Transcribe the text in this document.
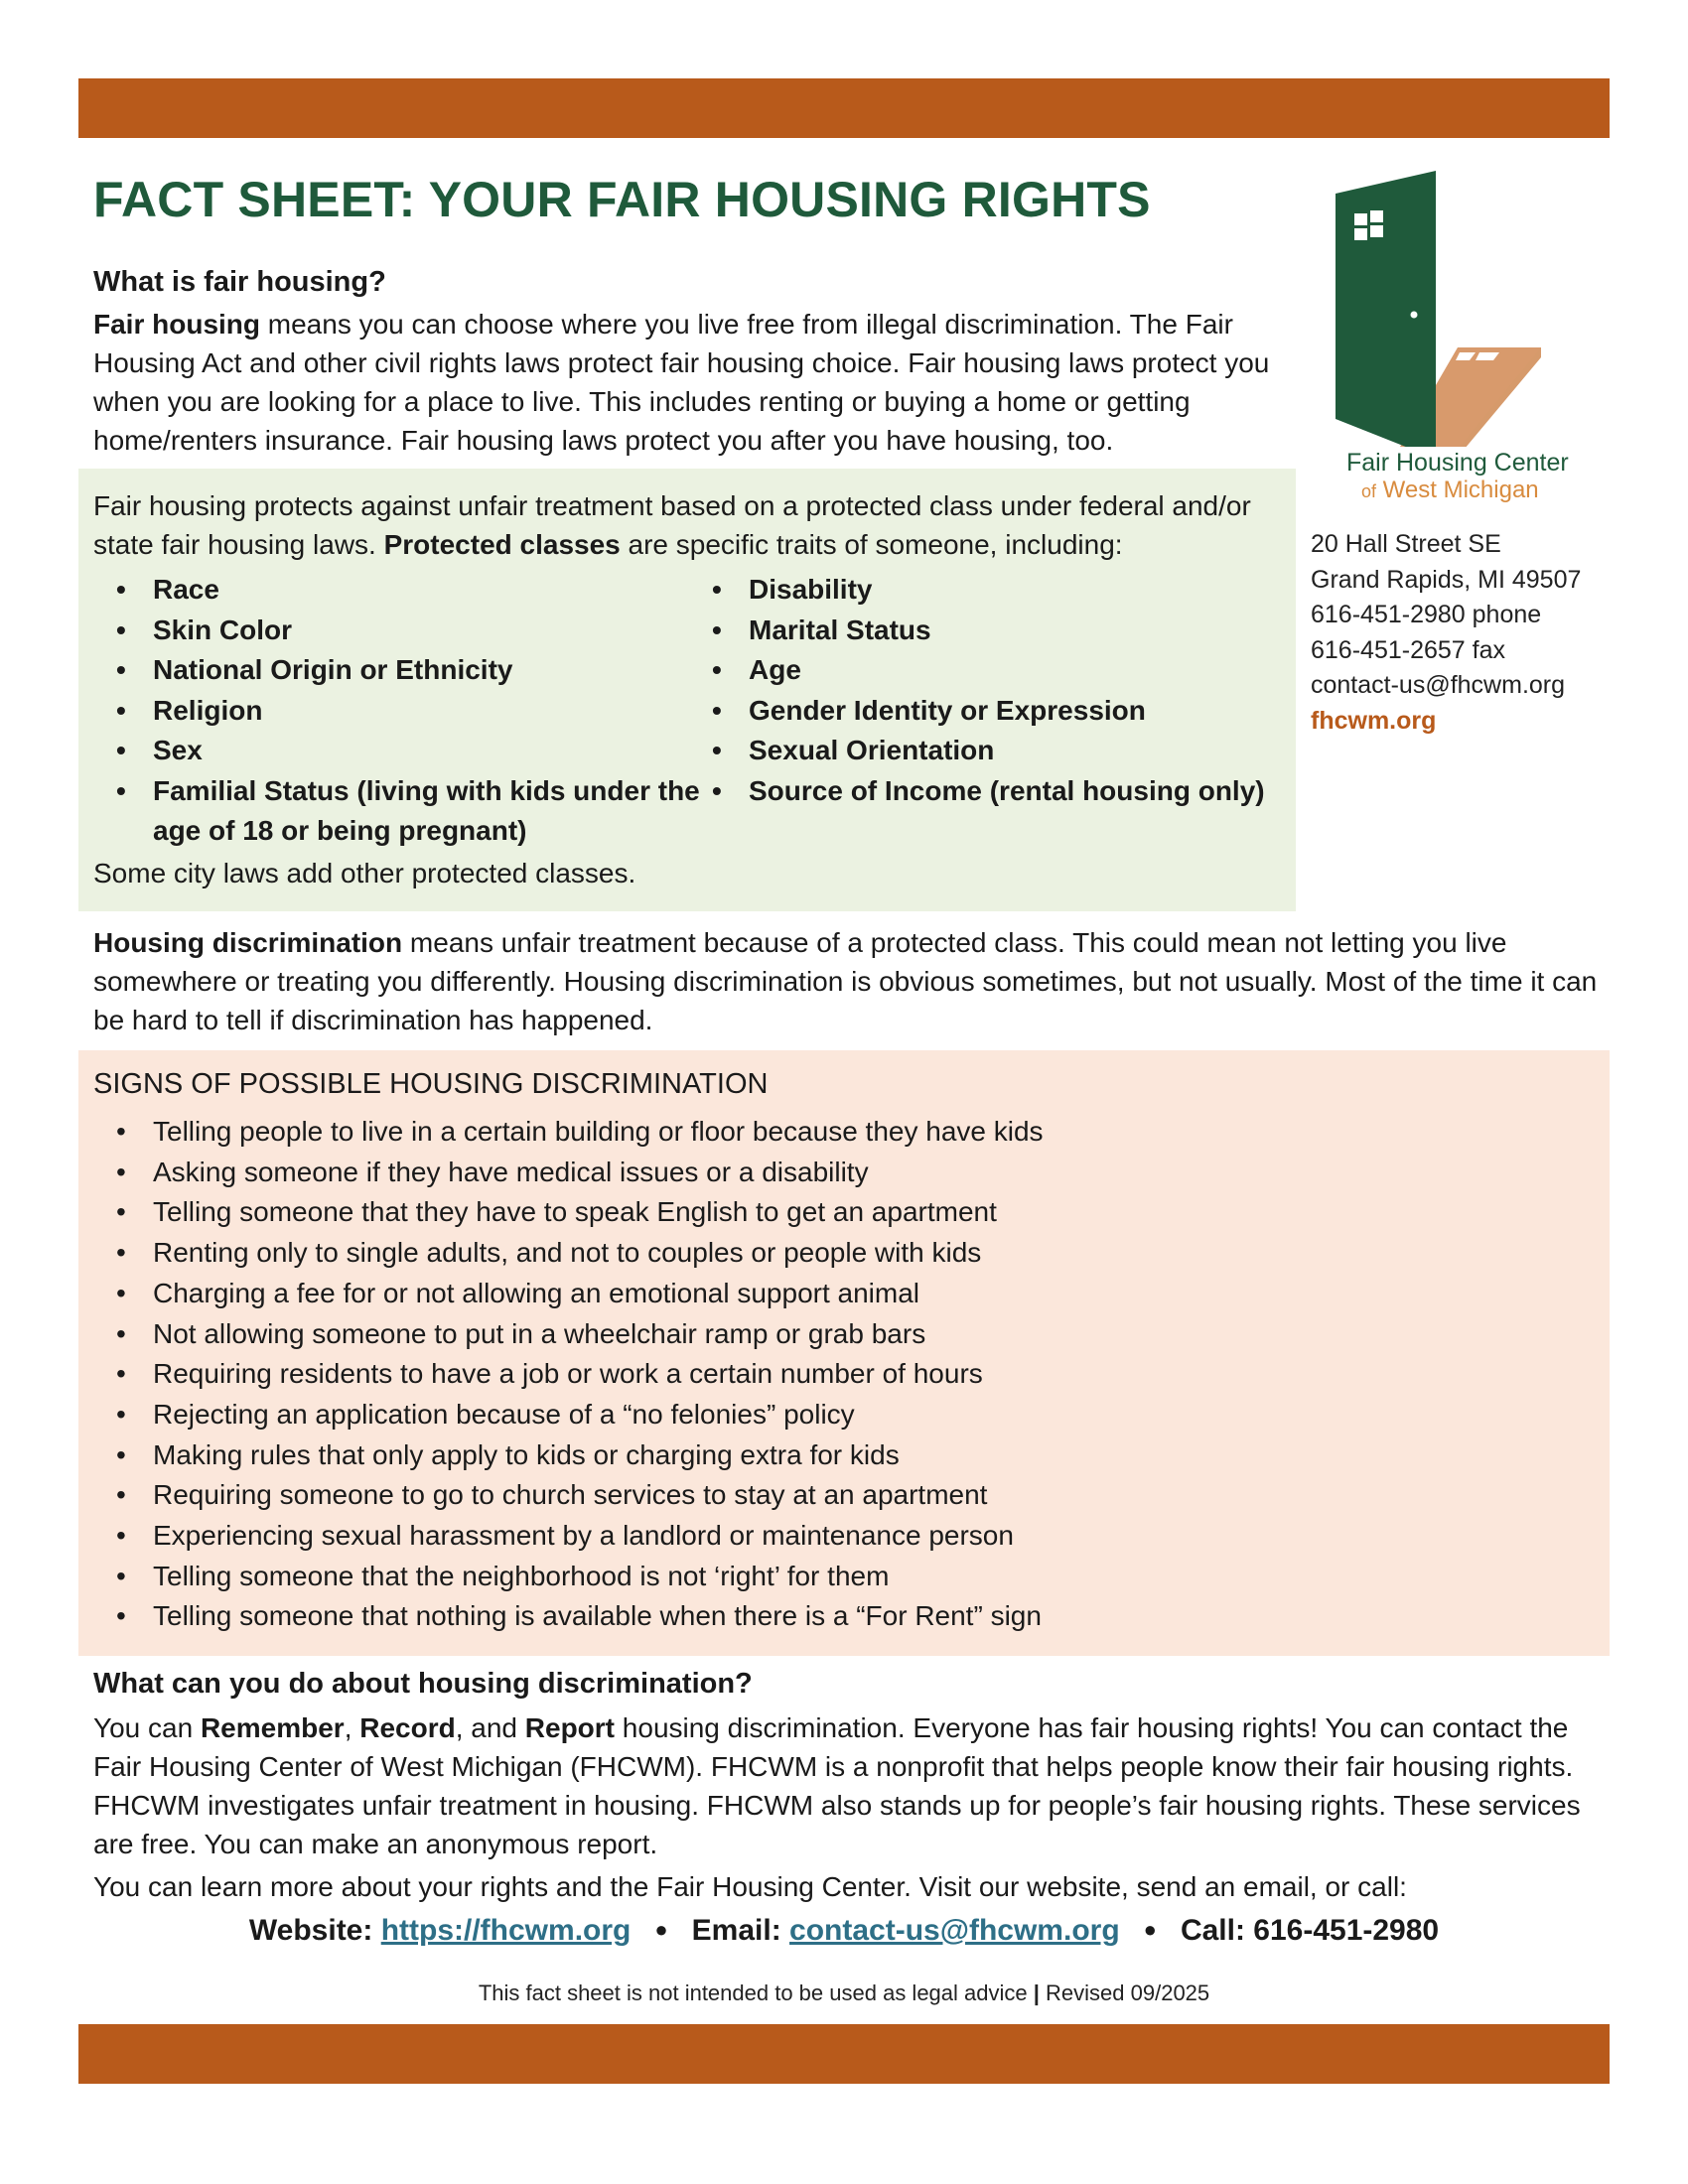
FACT SHEET: YOUR FAIR HOUSING RIGHTS
What is fair housing?

Fair housing means you can choose where you live free from illegal discrimination. The Fair Housing Act and other civil rights laws protect fair housing choice. Fair housing laws protect you when you are looking for a place to live. This includes renting or buying a home or getting home/renters insurance. Fair housing laws protect you after you have housing, too.

Fair housing protects against unfair treatment based on a protected class under federal and/or state fair housing laws. Protected classes are specific traits of someone, including:

• Race
• Skin Color
• National Origin or Ethnicity
• Religion
• Sex
• Familial Status (living with kids under the age of 18 or being pregnant)
• Disability
• Marital Status
• Age
• Gender Identity or Expression
• Sexual Orientation
• Source of Income (rental housing only)
Some city laws add other protected classes.
Fair Housing Center
of West Michigan
20 Hall Street SE
Grand Rapids, MI 49507
616-451-2980 phone
616-451-2657 fax
contact-us@fhcwm.org
fhcwm.org

Housing discrimination means unfair treatment because of a protected class. This could mean not letting you live somewhere or treating you differently. Housing discrimination is obvious sometimes, but not usually. Most of the time it can be hard to tell if discrimination has happened.

SIGNS OF POSSIBLE HOUSING DISCRIMINATION
• Telling people to live in a certain building or floor because they have kids
• Asking someone if they have medical issues or a disability
• Telling someone that they have to speak English to get an apartment
• Renting only to single adults, and not to couples or people with kids
• Charging a fee for or not allowing an emotional support animal
• Not allowing someone to put in a wheelchair ramp or grab bars
• Requiring residents to have a job or work a certain number of hours
• Rejecting an application because of a “no felonies” policy
• Making rules that only apply to kids or charging extra for kids
• Requiring someone to go to church services to stay at an apartment
• Experiencing sexual harassment by a landlord or maintenance person
• Telling someone that the neighborhood is not ‘right’ for them
• Telling someone that nothing is available when there is a “For Rent” sign
What can you do about housing discrimination?

You can Remember, Record, and Report housing discrimination. Everyone has fair housing rights! You can contact the Fair Housing Center of West Michigan (FHCWM). FHCWM is a nonprofit that helps people know their fair housing rights. FHCWM investigates unfair treatment in housing. FHCWM also stands up for people’s fair housing rights. These services are free. You can make an anonymous report.

You can learn more about your rights and the Fair Housing Center. Visit our website, send an email, or call:

Website: https://fhcwm.org ● Email: contact-us@fhcwm.org ● Call: 616-451-2980
This fact sheet is not intended to be used as legal advice | Revised 09/2025
